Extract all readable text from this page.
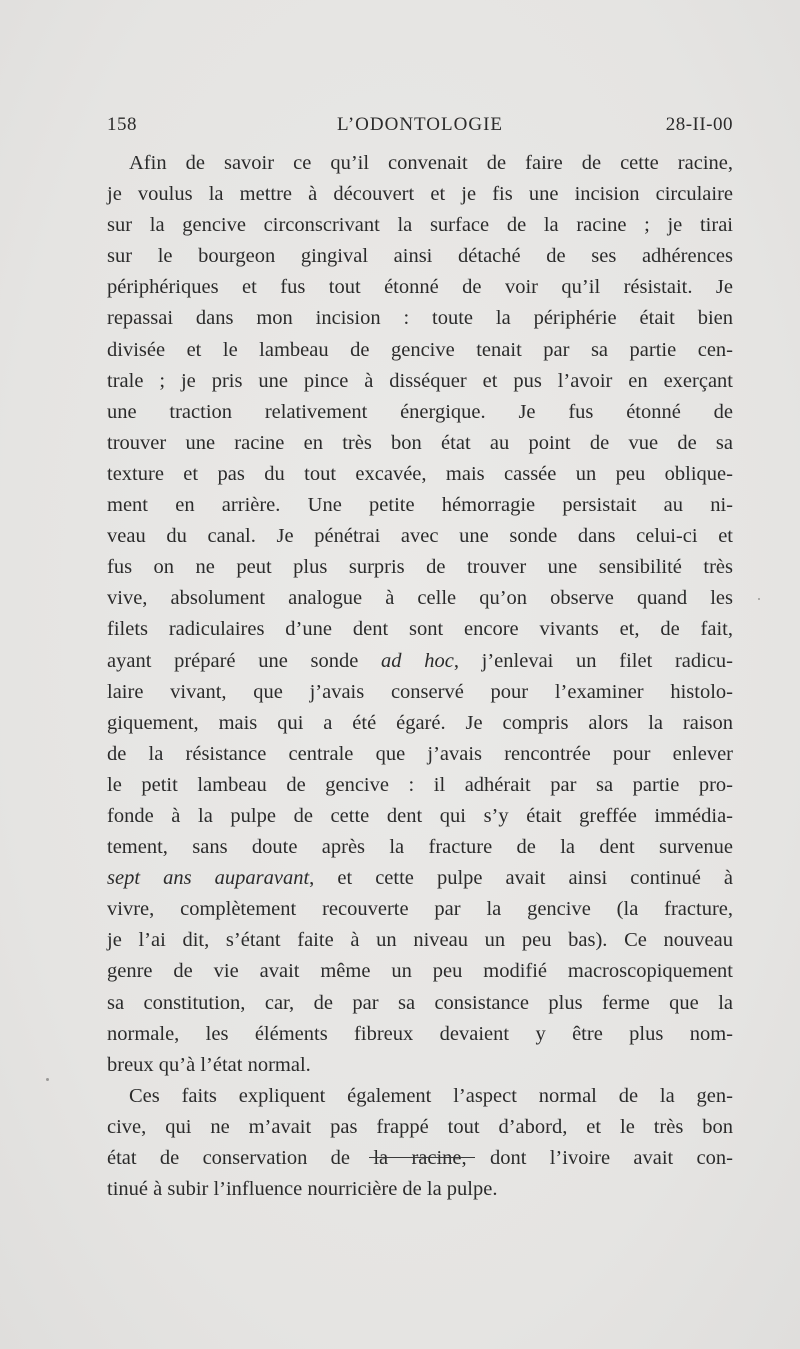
L’ODONTOLOGIE
158	28-II-00
Afin de savoir ce qu’il convenait de faire de cette racine,
je voulus la mettre à découvert et je fis une incision circulaire
sur la gencive circonscrivant la surface de la racine ; je tirai
sur le bourgeon gingival ainsi détaché de ses adhérences
périphériques et fus tout étonné de voir qu’il résistait. Je
repassai dans mon incision : toute la périphérie était bien
divisée et le lambeau de gencive tenait par sa partie cen-
trale ; je pris une pince à disséquer et pus l’avoir en exerçant
une traction relativement énergique. Je fus étonné de
trouver une racine en très bon état au point de vue de sa
texture et pas du tout excavée, mais cassée un peu oblique-
ment en arrière. Une petite hémorragie persistait au ni-
veau du canal. Je pénétrai avec une sonde dans celui-ci et
fus on ne peut plus surpris de trouver une sensibilité très
vive, absolument analogue à celle qu’on observe quand les
filets radiculaires d’une dent sont encore vivants et, de fait,
ayant préparé une sonde ad hoc, j’enlevai un filet radicu-
laire vivant, que j’avais conservé pour l’examiner histolo-
giquement, mais qui a été égaré. Je compris alors la raison
de la résistance centrale que j’avais rencontrée pour enlever
le petit lambeau de gencive : il adhérait par sa partie pro-
fonde à la pulpe de cette dent qui s’y était greffée immédia-
tement, sans doute après la fracture de la dent survenue
sept ans auparavant, et cette pulpe avait ainsi continué à
vivre, complètement recouverte par la gencive (la fracture,
je l’ai dit, s’étant faite à un niveau un peu bas). Ce nouveau
genre de vie avait même un peu modifié macroscopiquement
sa constitution, car, de par sa consistance plus ferme que la
normale, les éléments fibreux devaient y être plus nom-
breux qu’à l’état normal.
Ces faits expliquent également l’aspect normal de la gen-
cive, qui ne m’avait pas frappé tout d’abord, et le très bon
état de conservation de la racine, dont l’ivoire avait con-
tinué à subir l’influence nourricière de la pulpe.
